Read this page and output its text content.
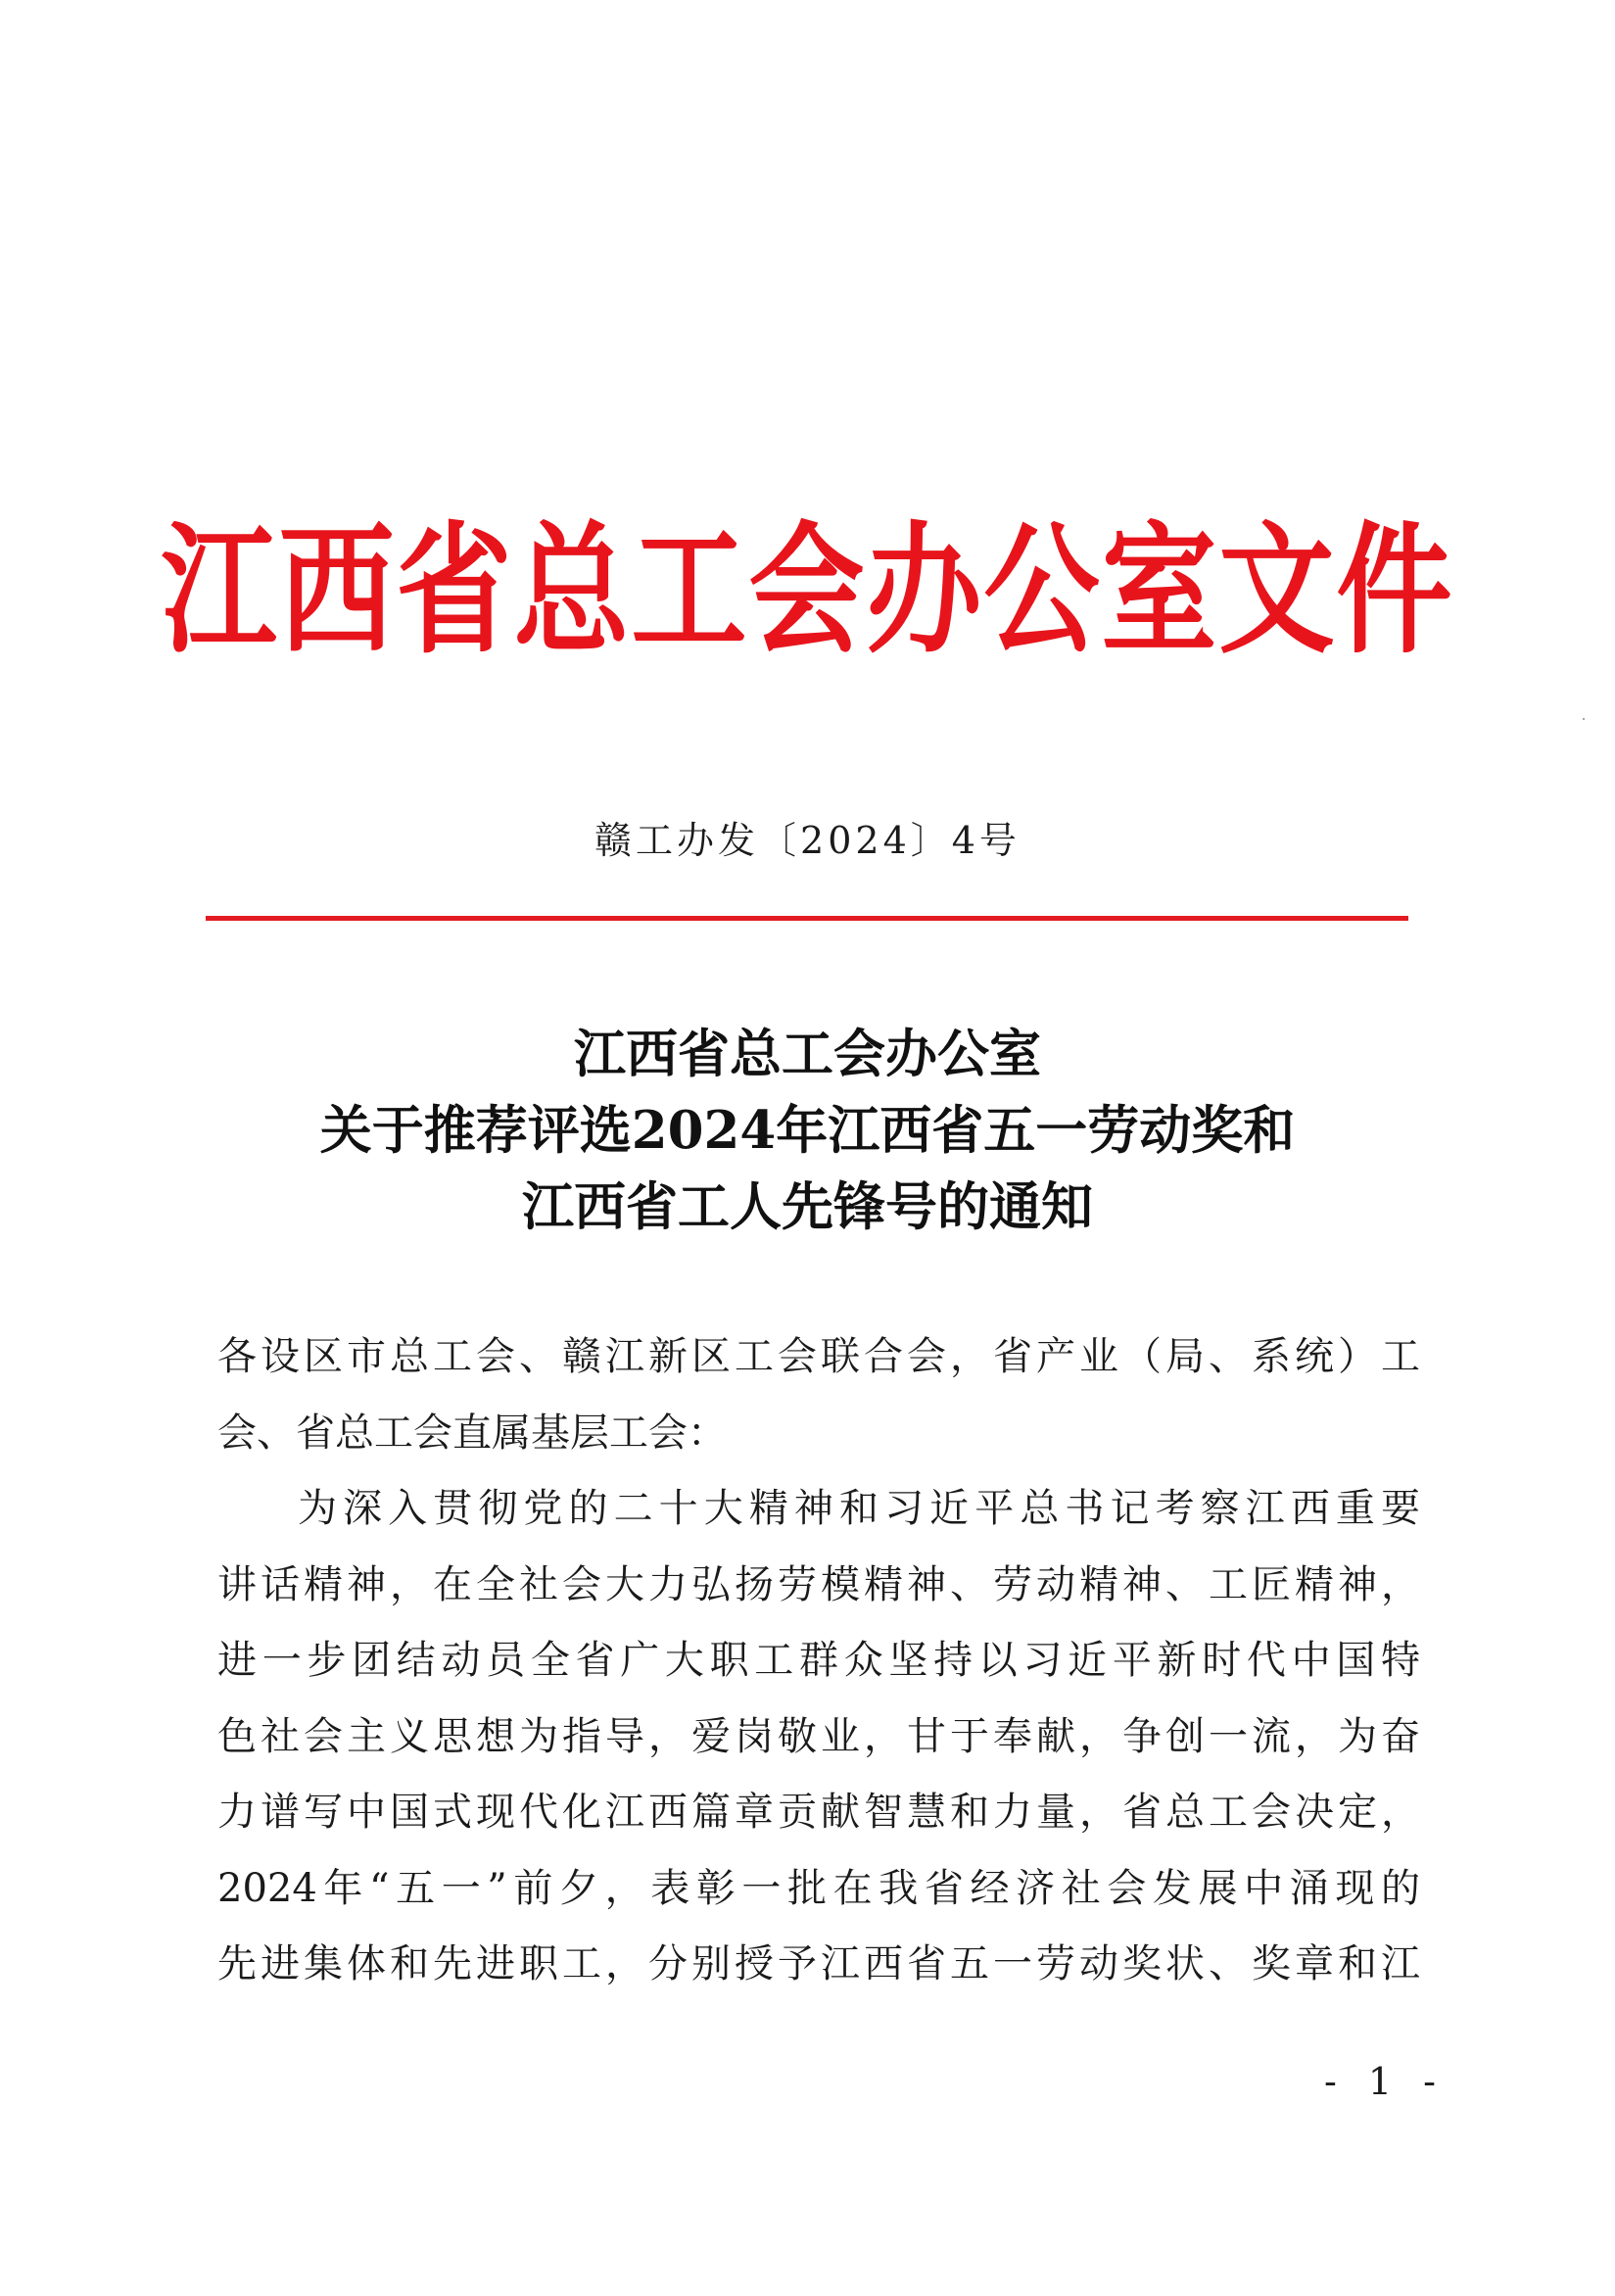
江西省总工会办公室文件
赣工办发〔2024〕4号
江西省总工会办公室
关于推荐评选2024年江西省五一劳动奖和
江西省工人先锋号的通知
各设区市总工会、赣江新区工会联合会，省产业（局、系统）工
会、省总工会直属基层工会：
为深入贯彻党的二十大精神和习近平总书记考察江西重要
讲话精神，在全社会大力弘扬劳模精神、劳动精神、工匠精神，
进一步团结动员全省广大职工群众坚持以习近平新时代中国特
色社会主义思想为指导，爱岗敬业，甘于奉献，争创一流，为奋
力谱写中国式现代化江西篇章贡献智慧和力量，省总工会决定，
2024年“五一”前夕，表彰一批在我省经济社会发展中涌现的
先进集体和先进职工，分别授予江西省五一劳动奖状、奖章和江
- 1 -
